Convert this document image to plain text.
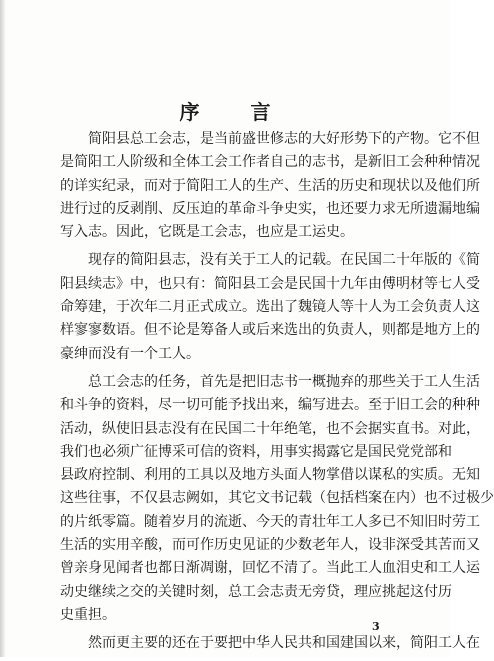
序 言

　　简阳县总工会志，是当前盛世修志的大好形势下的产物。它不但
是简阳工人阶级和全体工会工作者自己的志书，是新旧工会种种情况
的详实纪录，而对于简阳工人的生产、生活的历史和现状以及他们所
进行过的反剥削、反压迫的革命斗争史实，也还要力求无所遗漏地编
写入志。因此，它既是工会志，也应是工运史。

　　现存的简阳县志，没有关于工人的记载。在民国二十年版的《简
阳县续志》中，也只有：简阳县工会是民国十九年由傅明材等七人受
命筹建，于次年二月正式成立。选出了魏镜人等十人为工会负责人这
样寥寥数语。但不论是筹备人或后来选出的负责人，则都是地方上的
豪绅而没有一个工人。

　　总工会志的任务，首先是把旧志书一概抛弃的那些关于工人生活
和斗争的资料，尽一切可能予找出来，编写进去。至于旧工会的种种
活动，纵使旧县志没有在民国二十年绝笔，也不会据实直书。对此，
我们也必须广征博采可信的资料，用事实揭露它是国民党党部和
县政府控制、利用的工具以及地方头面人物掌借以谋私的实质。无知
这些往事，不仅县志阙如，其它文书记载（包括档案在内）也不过极少
的片纸零篇。随着岁月的流逝、今天的青壮年工人多已不知旧时劳工
生活的实用辛酸，而可作历史见证的少数老年人，设非深受其苦而又
曾亲身见闻者也都日渐凋谢，回忆不清了。当此工人血泪史和工人运
动史继续之交的关键时刻，总工会志责无旁贷，理应挑起这付历
史重担。

　　然而更主要的还在于要把中华人民共和国建国以来，简阳工人在

3
